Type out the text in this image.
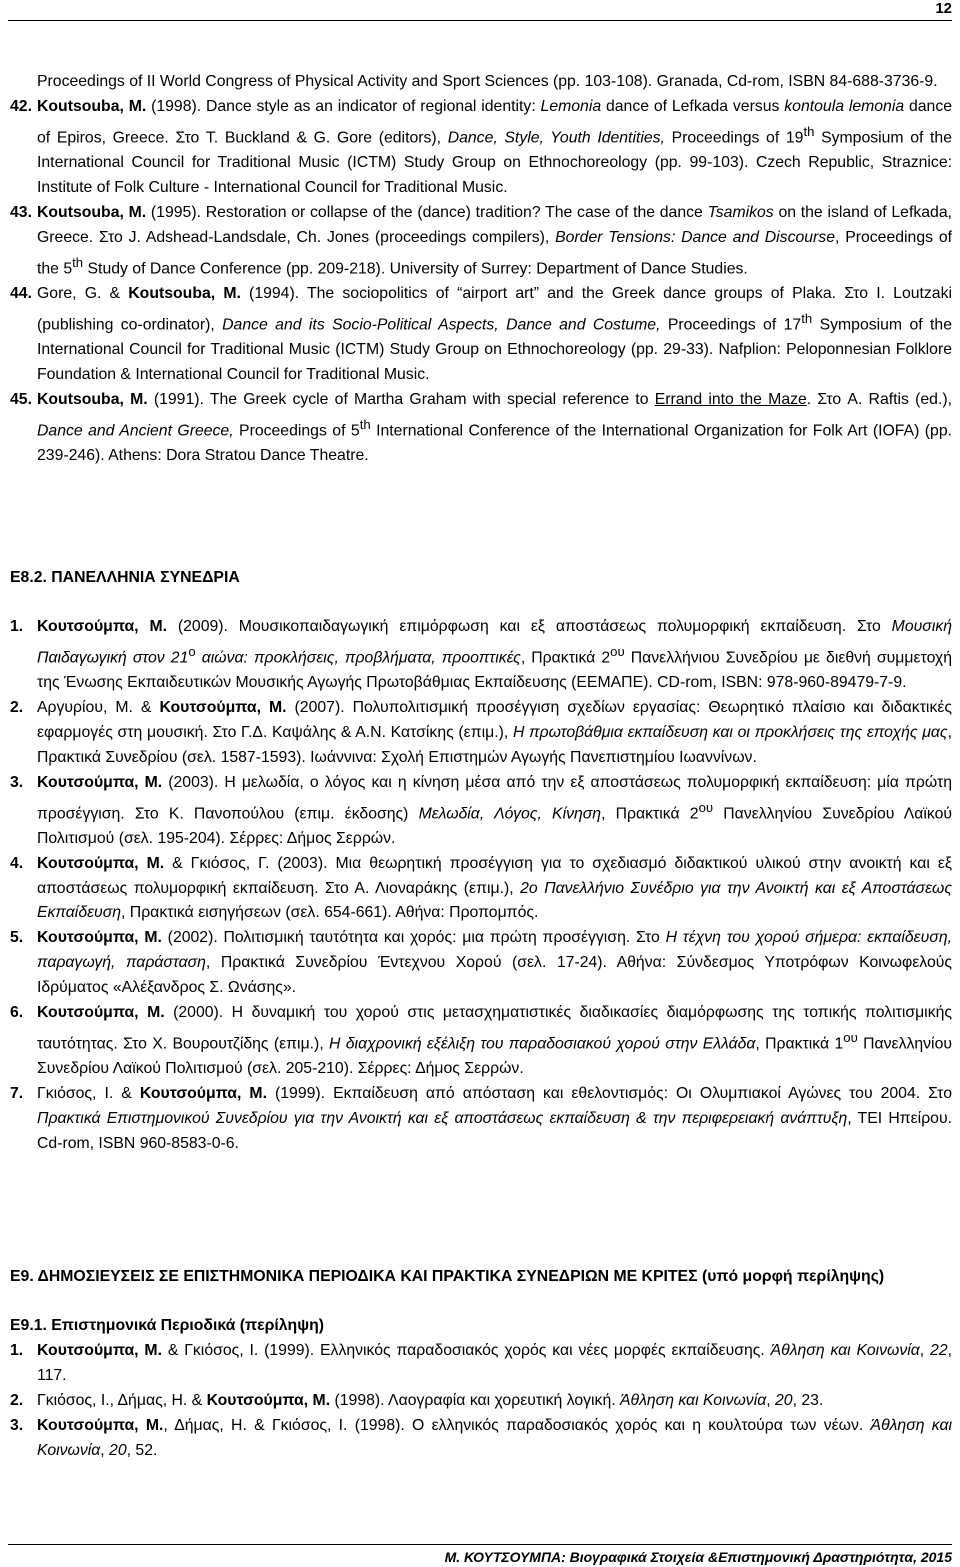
12
Proceedings of II World Congress of Physical Activity and Sport Sciences (pp. 103-108). Granada, Cd-rom, ISBN 84-688-3736-9.
42. Koutsouba, M. (1998). Dance style as an indicator of regional identity: Lemonia dance of Lefkada versus kontoula lemonia dance of Epiros, Greece. Στο T. Buckland & G. Gore (editors), Dance, Style, Youth Identities, Proceedings of 19th Symposium of the International Council for Traditional Music (ICTM) Study Group on Ethnochoreology (pp. 99-103). Czech Republic, Straznice: Institute of Folk Culture - International Council for Traditional Music.
43. Koutsouba, M. (1995). Restoration or collapse of the (dance) tradition? The case of the dance Tsamikos on the island of Lefkada, Greece. Στο J. Adshead-Landsdale, Ch. Jones (proceedings compilers), Border Tensions: Dance and Discourse, Proceedings of the 5th Study of Dance Conference (pp. 209-218). University of Surrey: Department of Dance Studies.
44. Gore, G. & Koutsouba, M. (1994). The sociopolitics of “airport art” and the Greek dance groups of Plaka. Στο I. Loutzaki (publishing co-ordinator), Dance and its Socio-Political Aspects, Dance and Costume, Proceedings of 17th Symposium of the International Council for Traditional Music (ICTM) Study Group on Ethnochoreology (pp. 29-33). Nafplion: Peloponnesian Folklore Foundation & International Council for Traditional Music.
45. Koutsouba, M. (1991). The Greek cycle of Martha Graham with special reference to Errand into the Maze. Στο A. Raftis (ed.), Dance and Ancient Greece, Proceedings of 5th International Conference of the International Organization for Folk Art (IOFA) (pp. 239-246). Athens: Dora Stratou Dance Theatre.
Ε8.2. ΠΑΝΕΛΛΗΝΙΑ ΣΥΝΕΔΡΙΑ
1. Κουτσούμπα, Μ. (2009). Μουσικοπαιδαγωγική επιμόρφωση και εξ αποστάσεως πολυμορφική εκπαίδευση. Στο Μουσική Παιδαγωγική στον $21^o$ αιώνα: προκλήσεις, προβλήματα, προοπτικές, Πρακτικά $2^{o\upsilon}$ Πανελλήνιου Συνεδρίου με διεθνή συμμετοχή της Ένωσης Εκπαιδευτικών Μουσικής Αγωγής Πρωτοβάθμιας Εκπαίδευσης (ΕΕΜΑΠΕ). CD-rom, ISBN: 978-960-89479-7-9.
2. Αργυρίου, Μ. & Κουτσούμπα, Μ. (2007). Πολυπολιτισμική προσέγγιση σχεδίων εργασίας: Θεωρητικό πλαίσιο και διδακτικές εφαρμογές στη μουσική. Στο Γ.Δ. Καψάλης & Α.Ν. Κατσίκης (επιμ.), Η πρωτοβάθμια εκπαίδευση και οι προκλήσεις της εποχής μας, Πρακτικά Συνεδρίου (σελ. 1587-1593). Ιωάννινα: Σχολή Επιστημών Αγωγής Πανεπιστημίου Ιωαννίνων.
3. Κουτσούμπα, Μ. (2003). Η μελωδία, ο λόγος και η κίνηση μέσα από την εξ αποστάσεως πολυμορφική εκπαίδευση: μία πρώτη προσέγγιση. Στο Κ. Πανοπούλου (επιμ. έκδοσης) Μελωδία, Λόγος, Κίνηση, Πρακτικά $2^{o\upsilon}$ Πανελληνίου Συνεδρίου Λαϊκού Πολιτισμού (σελ. 195-204). Σέρρες: Δήμος Σερρών.
4. Κουτσούμπα, Μ. & Γκιόσος, Γ. (2003). Μια θεωρητική προσέγγιση για το σχεδιασμό διδακτικού υλικού στην ανοικτή και εξ αποστάσεως πολυμορφική εκπαίδευση. Στο Α. Λιοναράκης (επιμ.), 2ο Πανελλήνιο Συνέδριο για την Ανοικτή και εξ Αποστάσεως Εκπαίδευση, Πρακτικά εισηγήσεων (σελ. 654-661). Αθήνα: Προπομπός.
5. Κουτσούμπα, Μ. (2002). Πολιτισμική ταυτότητα και χορός: μια πρώτη προσέγγιση. Στο Η τέχνη του χορού σήμερα: εκπαίδευση, παραγωγή, παράσταση, Πρακτικά Συνεδρίου Έντεχνου Χορού (σελ. 17-24). Αθήνα: Σύνδεσμος Υποτρόφων Κοινωφελούς Ιδρύματος «Αλέξανδρος Σ. Ωνάσης».
6. Κουτσούμπα, Μ. (2000). Η δυναμική του χορού στις μετασχηματιστικές διαδικασίες διαμόρφωσης της τοπικής πολιτισμικής ταυτότητας. Στο Χ. Βουρουτζίδης (επιμ.), Η διαχρονική εξέλιξη του παραδοσιακού χορού στην Ελλάδα, Πρακτικά $1^{o\upsilon}$ Πανελληνίου Συνεδρίου Λαϊκού Πολιτισμού (σελ. 205-210). Σέρρες: Δήμος Σερρών.
7. Γκιόσος, Ι. & Κουτσούμπα, Μ. (1999). Εκπαίδευση από απόσταση και εθελοντισμός: Οι Ολυμπιακοί Αγώνες του 2004. Στο Πρακτικά Επιστημονικού Συνεδρίου για την Ανοικτή και εξ αποστάσεως εκπαίδευση & την περιφερειακή ανάπτυξη, ΤΕΙ Ηπείρου. Cd-rom, ISBN 960-8583-0-6.
Ε9. ΔΗΜΟΣΙΕΥΣΕΙΣ ΣΕ ΕΠΙΣΤΗΜΟΝΙΚΑ ΠΕΡΙΟΔΙΚΑ ΚΑΙ ΠΡΑΚΤΙΚΑ ΣΥΝΕΔΡΙΩΝ ΜΕ ΚΡΙΤΕΣ (υπό μορφή περίληψης)
Ε9.1. Επιστημονικά Περιοδικά (περίληψη)
1. Κουτσούμπα, Μ. & Γκιόσος, Ι. (1999). Ελληνικός παραδοσιακός χορός και νέες μορφές εκπαίδευσης. Άθληση και Κοινωνία, 22, 117.
2. Γκιόσος, Ι., Δήμας, Η. & Κουτσούμπα, Μ. (1998). Λαογραφία και χορευτική λογική. Άθληση και Κοινωνία, 20, 23.
3. Κουτσούμπα, Μ., Δήμας, Η. & Γκιόσος, Ι. (1998). Ο ελληνικός παραδοσιακός χορός και η κουλτούρα των νέων. Άθληση και Κοινωνία, 20, 52.
Μ. ΚΟΥΤΣΟΥΜΠΑ: Βιογραφικά Στοιχεία &Επιστημονική Δραστηριότητα, 2015
